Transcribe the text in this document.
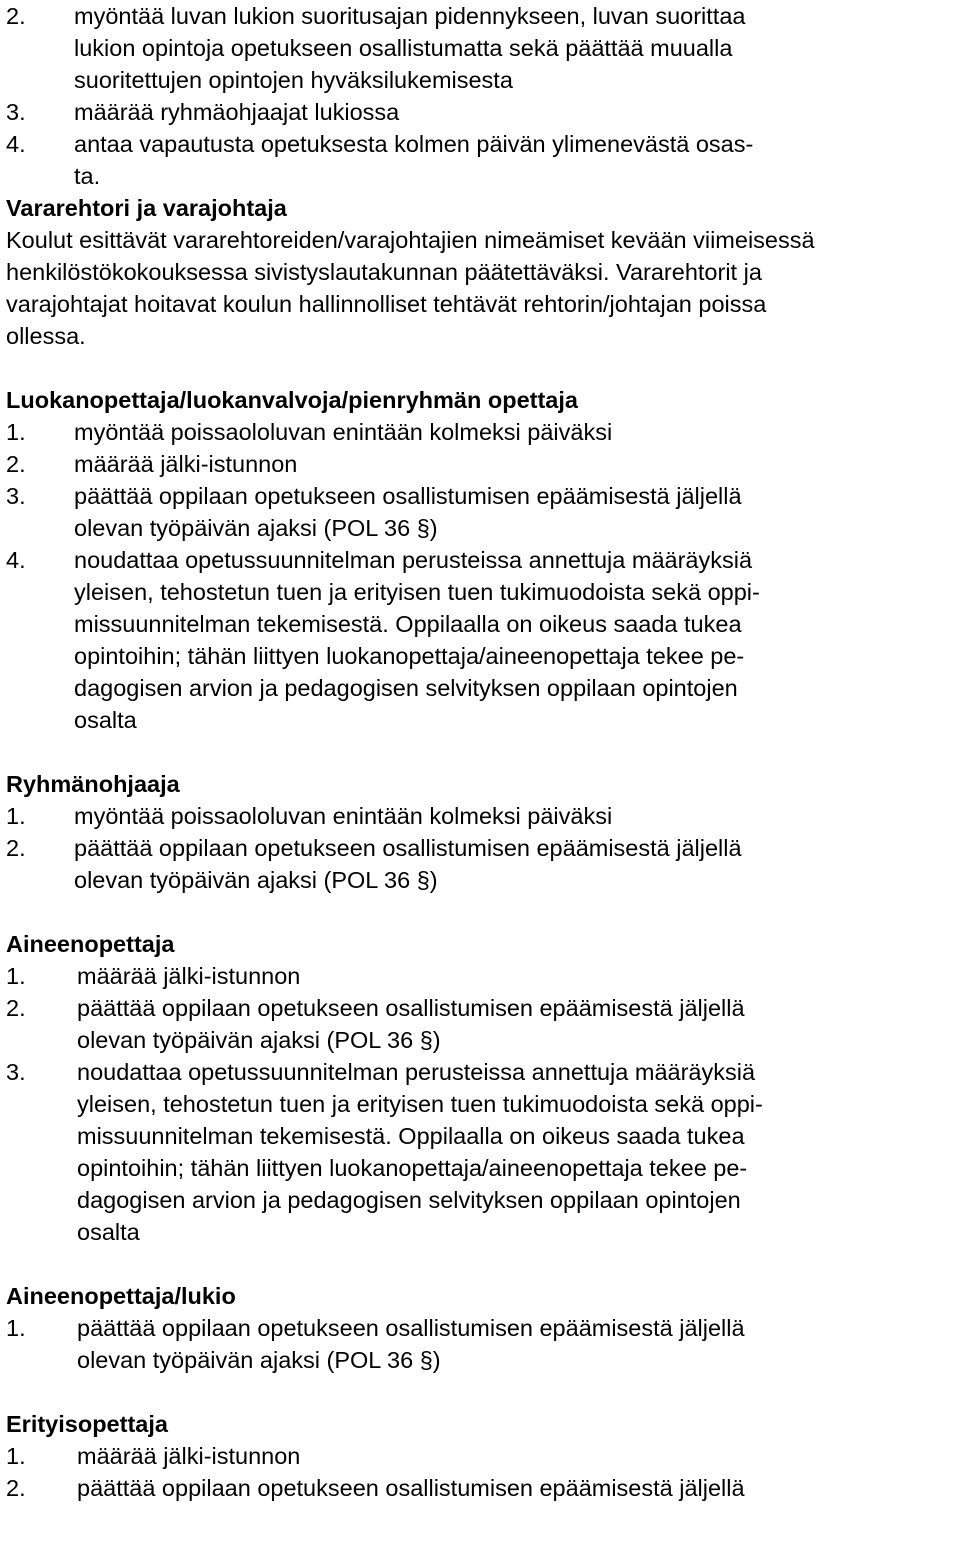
2.	myöntää luvan lukion suoritusajan pidennykseen, luvan suorittaa
lukion opintoja opetukseen osallistumatta sekä päättää muualla
suoritettujen opintojen hyväksilukemisesta
3.	määrää ryhmäohjaajat lukiossa
4.	antaa vapautusta opetuksesta kolmen päivän ylimenevästä osas-
ta.
Vararehtori ja varajohtaja
Koulut esittävät vararehtoreiden/varajohtajien nimeämiset kevään viimeisessä
henkilöstökokouksessa sivistyslautakunnan päätettäväksi. Vararehtorit ja
varajohtajat hoitavat koulun hallinnolliset tehtävät rehtorin/johtajan poissa
ollessa.
Luokanopettaja/luokanvalvoja/pienryhmän opettaja
1.	myöntää poissaololuvan enintään kolmeksi päiväksi
2.	määrää jälki-istunnon
3.	päättää oppilaan opetukseen osallistumisen epäämisestä jäljellä
olevan työpäivän ajaksi (POL 36 §)
4.	noudattaa opetussuunnitelman perusteissa annettuja määräyksiä
yleisen, tehostetun tuen ja erityisen tuen tukimuodoista sekä oppi-
missuunnitelman tekemisestä. Oppilaalla on oikeus saada tukea
opintoihin; tähän liittyen luokanopettaja/aineenopettaja tekee pe-
dagogisen arvion ja pedagogisen selvityksen oppilaan opintojen
osalta
Ryhmänohjaaja
1.	myöntää poissaololuvan enintään kolmeksi päiväksi
2.	päättää oppilaan opetukseen osallistumisen epäämisestä jäljellä
olevan työpäivän ajaksi (POL 36 §)
Aineenopettaja
1.	määrää jälki-istunnon
2.	päättää oppilaan opetukseen osallistumisen epäämisestä jäljellä
olevan työpäivän ajaksi (POL 36 §)
3.	noudattaa opetussuunnitelman perusteissa annettuja määräyksiä
yleisen, tehostetun tuen ja erityisen tuen tukimuodoista sekä oppi-
missuunnitelman tekemisestä. Oppilaalla on oikeus saada tukea
opintoihin; tähän liittyen luokanopettaja/aineenopettaja tekee pe-
dagogisen arvion ja pedagogisen selvityksen oppilaan opintojen
osalta
Aineenopettaja/lukio
1.	päättää oppilaan opetukseen osallistumisen epäämisestä jäljellä
olevan työpäivän ajaksi (POL 36 §)
Erityisopettaja
1.	määrää jälki-istunnon
2.	päättää oppilaan opetukseen osallistumisen epäämisestä jäljellä
